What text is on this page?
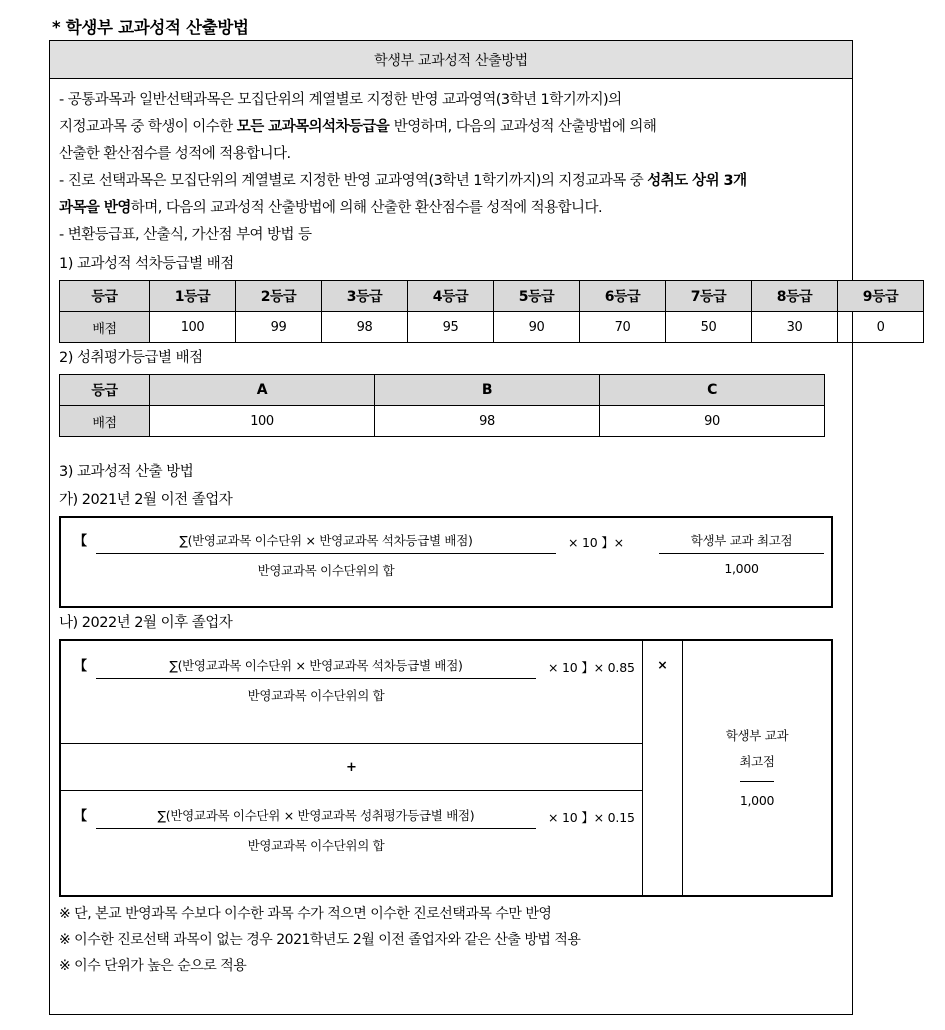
* 학생부 교과성적 산출방법
학생부 교과성적 산출방법
- 공통과목과 일반선택과목은 모집단위의 계열별로 지정한 반영 교과영역(3학년 1학기까지)의
지정교과목 중 학생이 이수한 모든 교과목의석차등급을 반영하며, 다음의 교과성적 산출방법에 의해
산출한 환산점수를 성적에 적용합니다.
- 진로 선택과목은 모집단위의 계열별로 지정한 반영 교과영역(3학년 1학기까지)의 지정교과목 중 성취도 상위 3개
과목을 반영하며, 다음의 교과성적 산출방법에 의해 산출한 환산점수를 성적에 적용합니다.
- 변환등급표, 산출식, 가산점 부여 방법 등
1) 교과성적 석차등급별 배점
등급	1등급	2등급	3등급	4등급	5등급	6등급	7등급	8등급	9등급
배점	100	99	98	95	90	70	50	30	0
2) 성취평가등급별 배점
등급	A	B	C
배점	100	98	90
3) 교과성적 산출 방법
가) 2021년 2월 이전 졸업자
【	∑(반영교과목 이수단위 × 반영교과목 석차등급별 배점)
반영교과목 이수단위의 합
× 10 】×	학생부 교과 최고점
1,000
나) 2022년 2월 이후 졸업자
【	∑(반영교과목 이수단위 × 반영교과목 석차등급별 배점)
반영교과목 이수단위의 합
× 10 】× 0.85
+
【	∑(반영교과목 이수단위 × 반영교과목 성취평가등급별 배점)
반영교과목 이수단위의 합
× 10 】× 0.15
×
학생부 교과
최고점
1,000
※ 단, 본교 반영과목 수보다 이수한 과목 수가 적으면 이수한 진로선택과목 수만 반영
※ 이수한 진로선택 과목이 없는 경우 2021학년도 2월 이전 졸업자와 같은 산출 방법 적용
※ 이수 단위가 높은 순으로 적용
